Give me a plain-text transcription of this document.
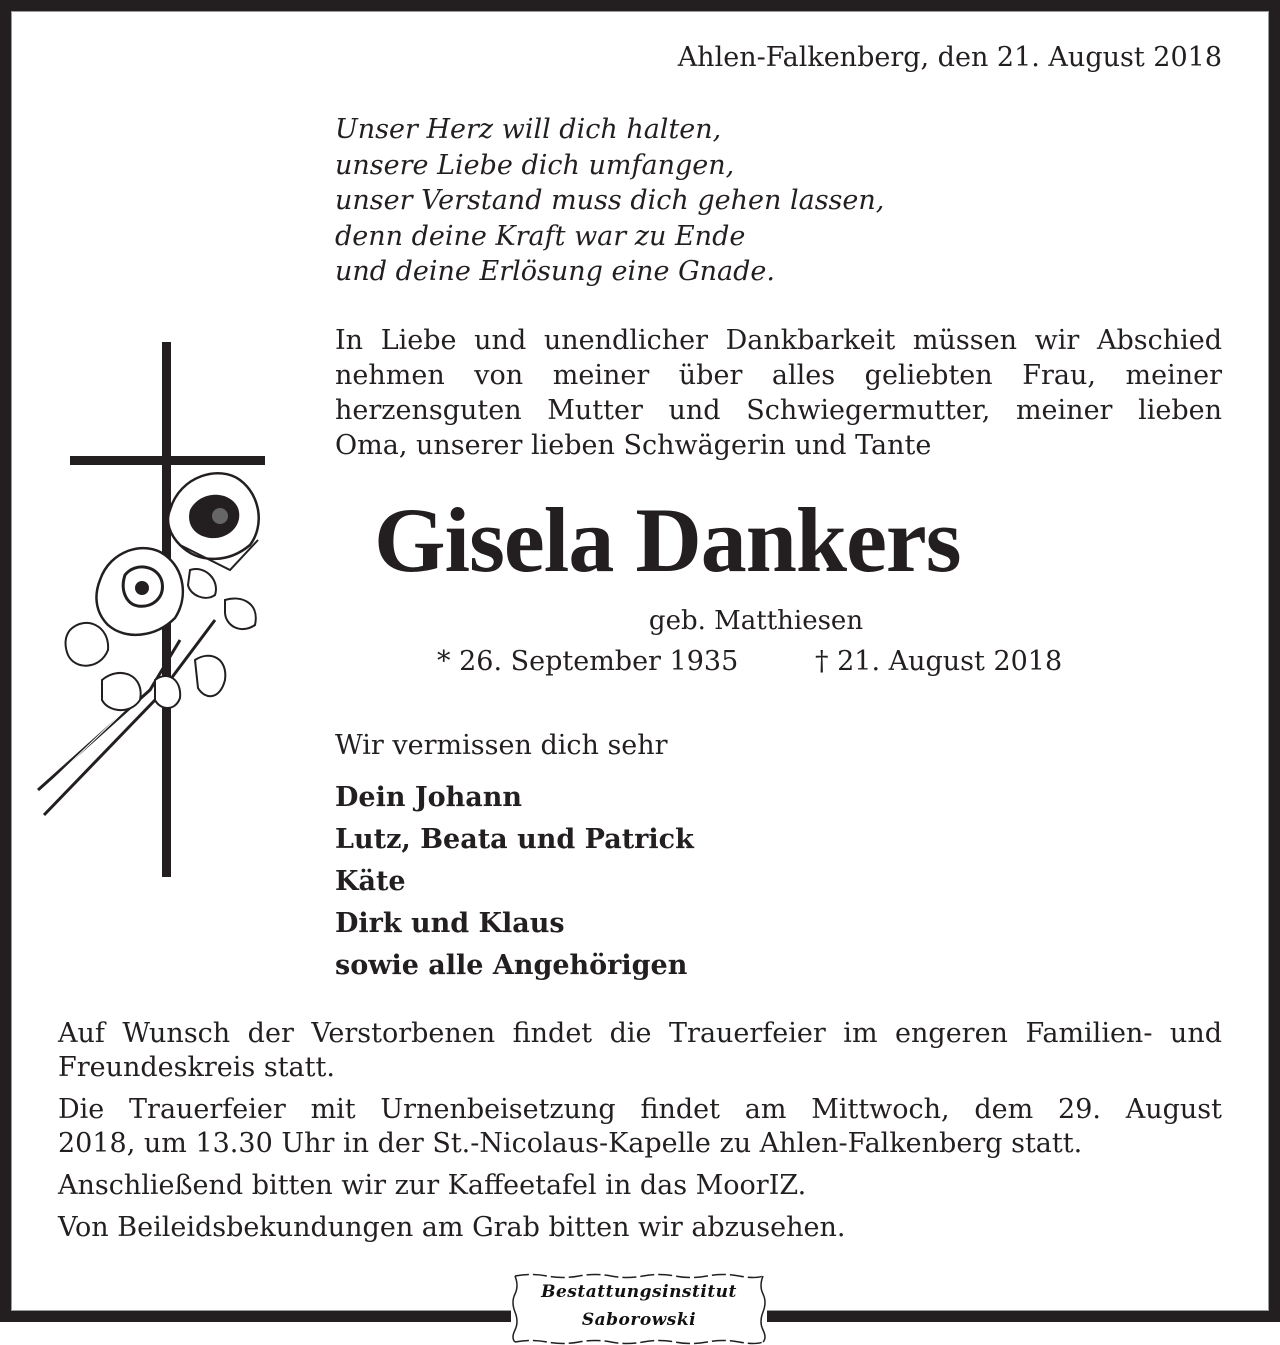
Ahlen-Falkenberg, den 21. August 2018
Unser Herz will dich halten,
unsere Liebe dich umfangen,
unser Verstand muss dich gehen lassen,
denn deine Kraft war zu Ende
und deine Erlösung eine Gnade.
In Liebe und unendlicher Dankbarkeit müssen wir Abschied
nehmen von meiner über alles geliebten Frau, meiner
herzensguten Mutter und Schwiegermutter, meiner lieben
Oma, unserer lieben Schwägerin und Tante
Gisela Dankers
geb. Matthiesen
* 26. September 1935	† 21. August 2018
Wir vermissen dich sehr
Dein Johann
Lutz, Beata und Patrick
Käte
Dirk und Klaus
sowie alle Angehörigen

Auf Wunsch der Verstorbenen findet die Trauerfeier im engeren Familien- und
Freundeskreis statt.

Die Trauerfeier mit Urnenbeisetzung findet am Mittwoch, dem 29. August
2018, um 13.30 Uhr in der St.-Nicolaus-Kapelle zu Ahlen-Falkenberg statt.

Anschließend bitten wir zur Kaffeetafel in das MoorIZ.

Von Beileidsbekundungen am Grab bitten wir abzusehen.

Bestattungsinstitut
Saborowski
